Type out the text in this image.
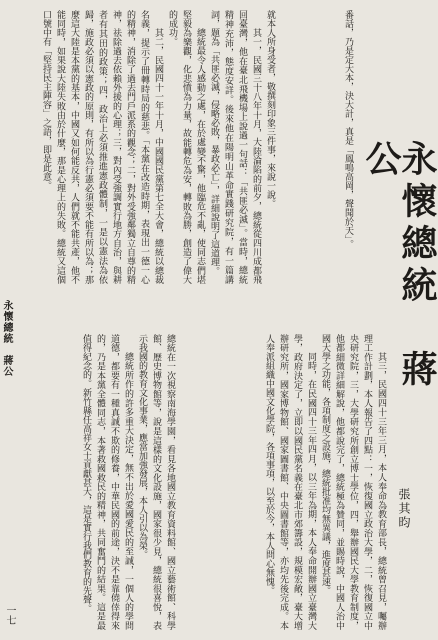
永懷總統　蔣公
張其昀

番話，乃是定大本，決大計，真是「鳳鳴高岡，聲聞於天」。

就本人所身受者，敬撰刻印象三件事，來說一說。

其一，民國三十八年十月，大陸淪陷的前夕，總統從四川成都飛回臺灣，他在臺北飛機場上說過一句話：「共匪必滅」。當時，總統精神充沛，態度安詳。後來他在陽明山革命實踐研究院，有一篇講詞，題為「共匪必滅，侵略必敗，暴政必亡」，詳細說明了這道理。

總統最令人感動之處，在於處變不驚，他臨危不亂，使同志們堪堅毅為樂觀，化悲憤為力量，故能轉危為安，轉敗為勝，創造了偉大的成功。

其二，民國四十一年十月，中國國民黨第七全大會，總統以總裁名義，提示了冊轉時局的慈悲。「本黨在改造時期，表現出一德一心的精神，消除了過去門戶派系的觀念；二，對外受強鄰獨立自尊的精神，祛除過去依賴外援的心理；三，對內受強調實行地方自治，與耕者有其田的政策；四，政治上必須推進憲政體制，一是以憲法為依歸，施政必須以憲政的原則，有所以為行憲必須要不能有所以為；那麼這大陸是本黨的基本，中國又如何能反共，人們就不能共產，他不能同時，如果說大陸失敗由於什麼，那是心理上的失敗。總統又這個口號中有「堅持民主陣容」之語，即是此意。

其三，民國四十三年三月，本人奉命為教育部長，總統曾召見，囑辦理工作計劃，本人報告了四點：一，恢復國立政治大學，二，恢復國立中央研究院，三，大學研究所創立博士學位，四，舉辦國民大學教育制度，他都細微詳細解說，他都說完了，總統極為贊同，並賜時說，中國人治中國大學之功能，各項制度之設施，總統批准均無異議，進度甚速。

同時，在民國四十三年四月，以三年為期，本人奉命開辦國立臺灣大學，政府決定了，立即以國民黨名義在臺北市郊籌設，規模宏敞，臺大增辦研究所，國家博物館、國家圖書館、中央圖書館等，亦均先後完成。本人奉派組織中國文化學院，各項事項，以至於今，本人問心無愧。

總統在一次視察南海學園，看見各地國立教育資料館、國立藝術館、科學館、歷史博物館等，說是這樣的文化設施，國家很少見，總統很喜悅，表示我國的教育文化事業，應當加強發展，本人引以為榮。

總統所作的許多重大決定，無不出於愛國愛民的至誠，一個人的學問道德，都要有一種真誠不欺的修養，中華民國的前途，決不是靠僥倖得來的，乃是本黨全體同志，本著救國救民的精神，共同奮鬥的結果。這是最值得紀念的。新竹縣任高祥女士貢獻甚大，這是實行我們教育的先聲。

永懷總統　蔣公
一七
